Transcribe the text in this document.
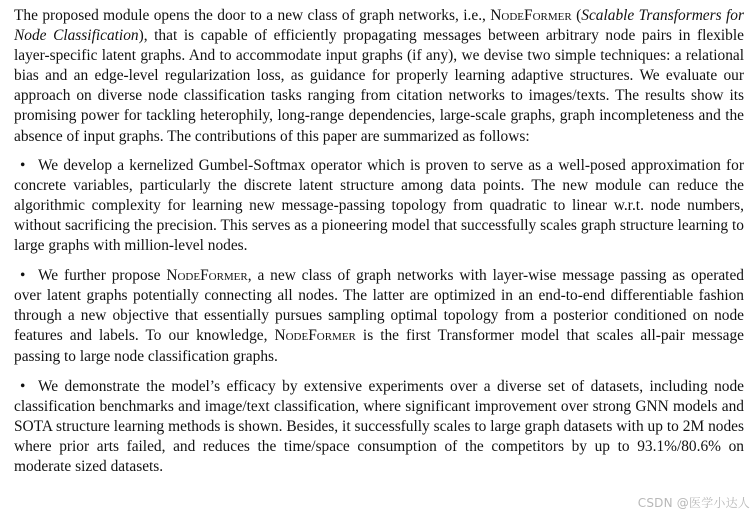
The proposed module opens the door to a new class of graph networks, i.e., NodeFormer (Scalable Transformers for Node Classification), that is capable of efficiently propagating messages between arbitrary node pairs in flexible layer-specific latent graphs. And to accommodate input graphs (if any), we devise two simple techniques: a relational bias and an edge-level regularization loss, as guidance for properly learning adaptive structures. We evaluate our approach on diverse node classification tasks ranging from citation networks to images/texts. The results show its promising power for tackling heterophily, long-range dependencies, large-scale graphs, graph incompleteness and the absence of input graphs. The contributions of this paper are summarized as follows:

• We develop a kernelized Gumbel-Softmax operator which is proven to serve as a well-posed approximation for concrete variables, particularly the discrete latent structure among data points. The new module can reduce the algorithmic complexity for learning new message-passing topology from quadratic to linear w.r.t. node numbers, without sacrificing the precision. This serves as a pioneering model that successfully scales graph structure learning to large graphs with million-level nodes.
• We further propose NodeFormer, a new class of graph networks with layer-wise message passing as operated over latent graphs potentially connecting all nodes. The latter are optimized in an end-to-end differentiable fashion through a new objective that essentially pursues sampling optimal topology from a posterior conditioned on node features and labels. To our knowledge, NodeFormer is the first Transformer model that scales all-pair message passing to large node classification graphs.
• We demonstrate the model’s efficacy by extensive experiments over a diverse set of datasets, including node classification benchmarks and image/text classification, where significant improvement over strong GNN models and SOTA structure learning methods is shown. Besides, it successfully scales to large graph datasets with up to 2M nodes where prior arts failed, and reduces the time/space consumption of the competitors by up to 93.1%/80.6% on moderate sized datasets.
CSDN @医学小达人
